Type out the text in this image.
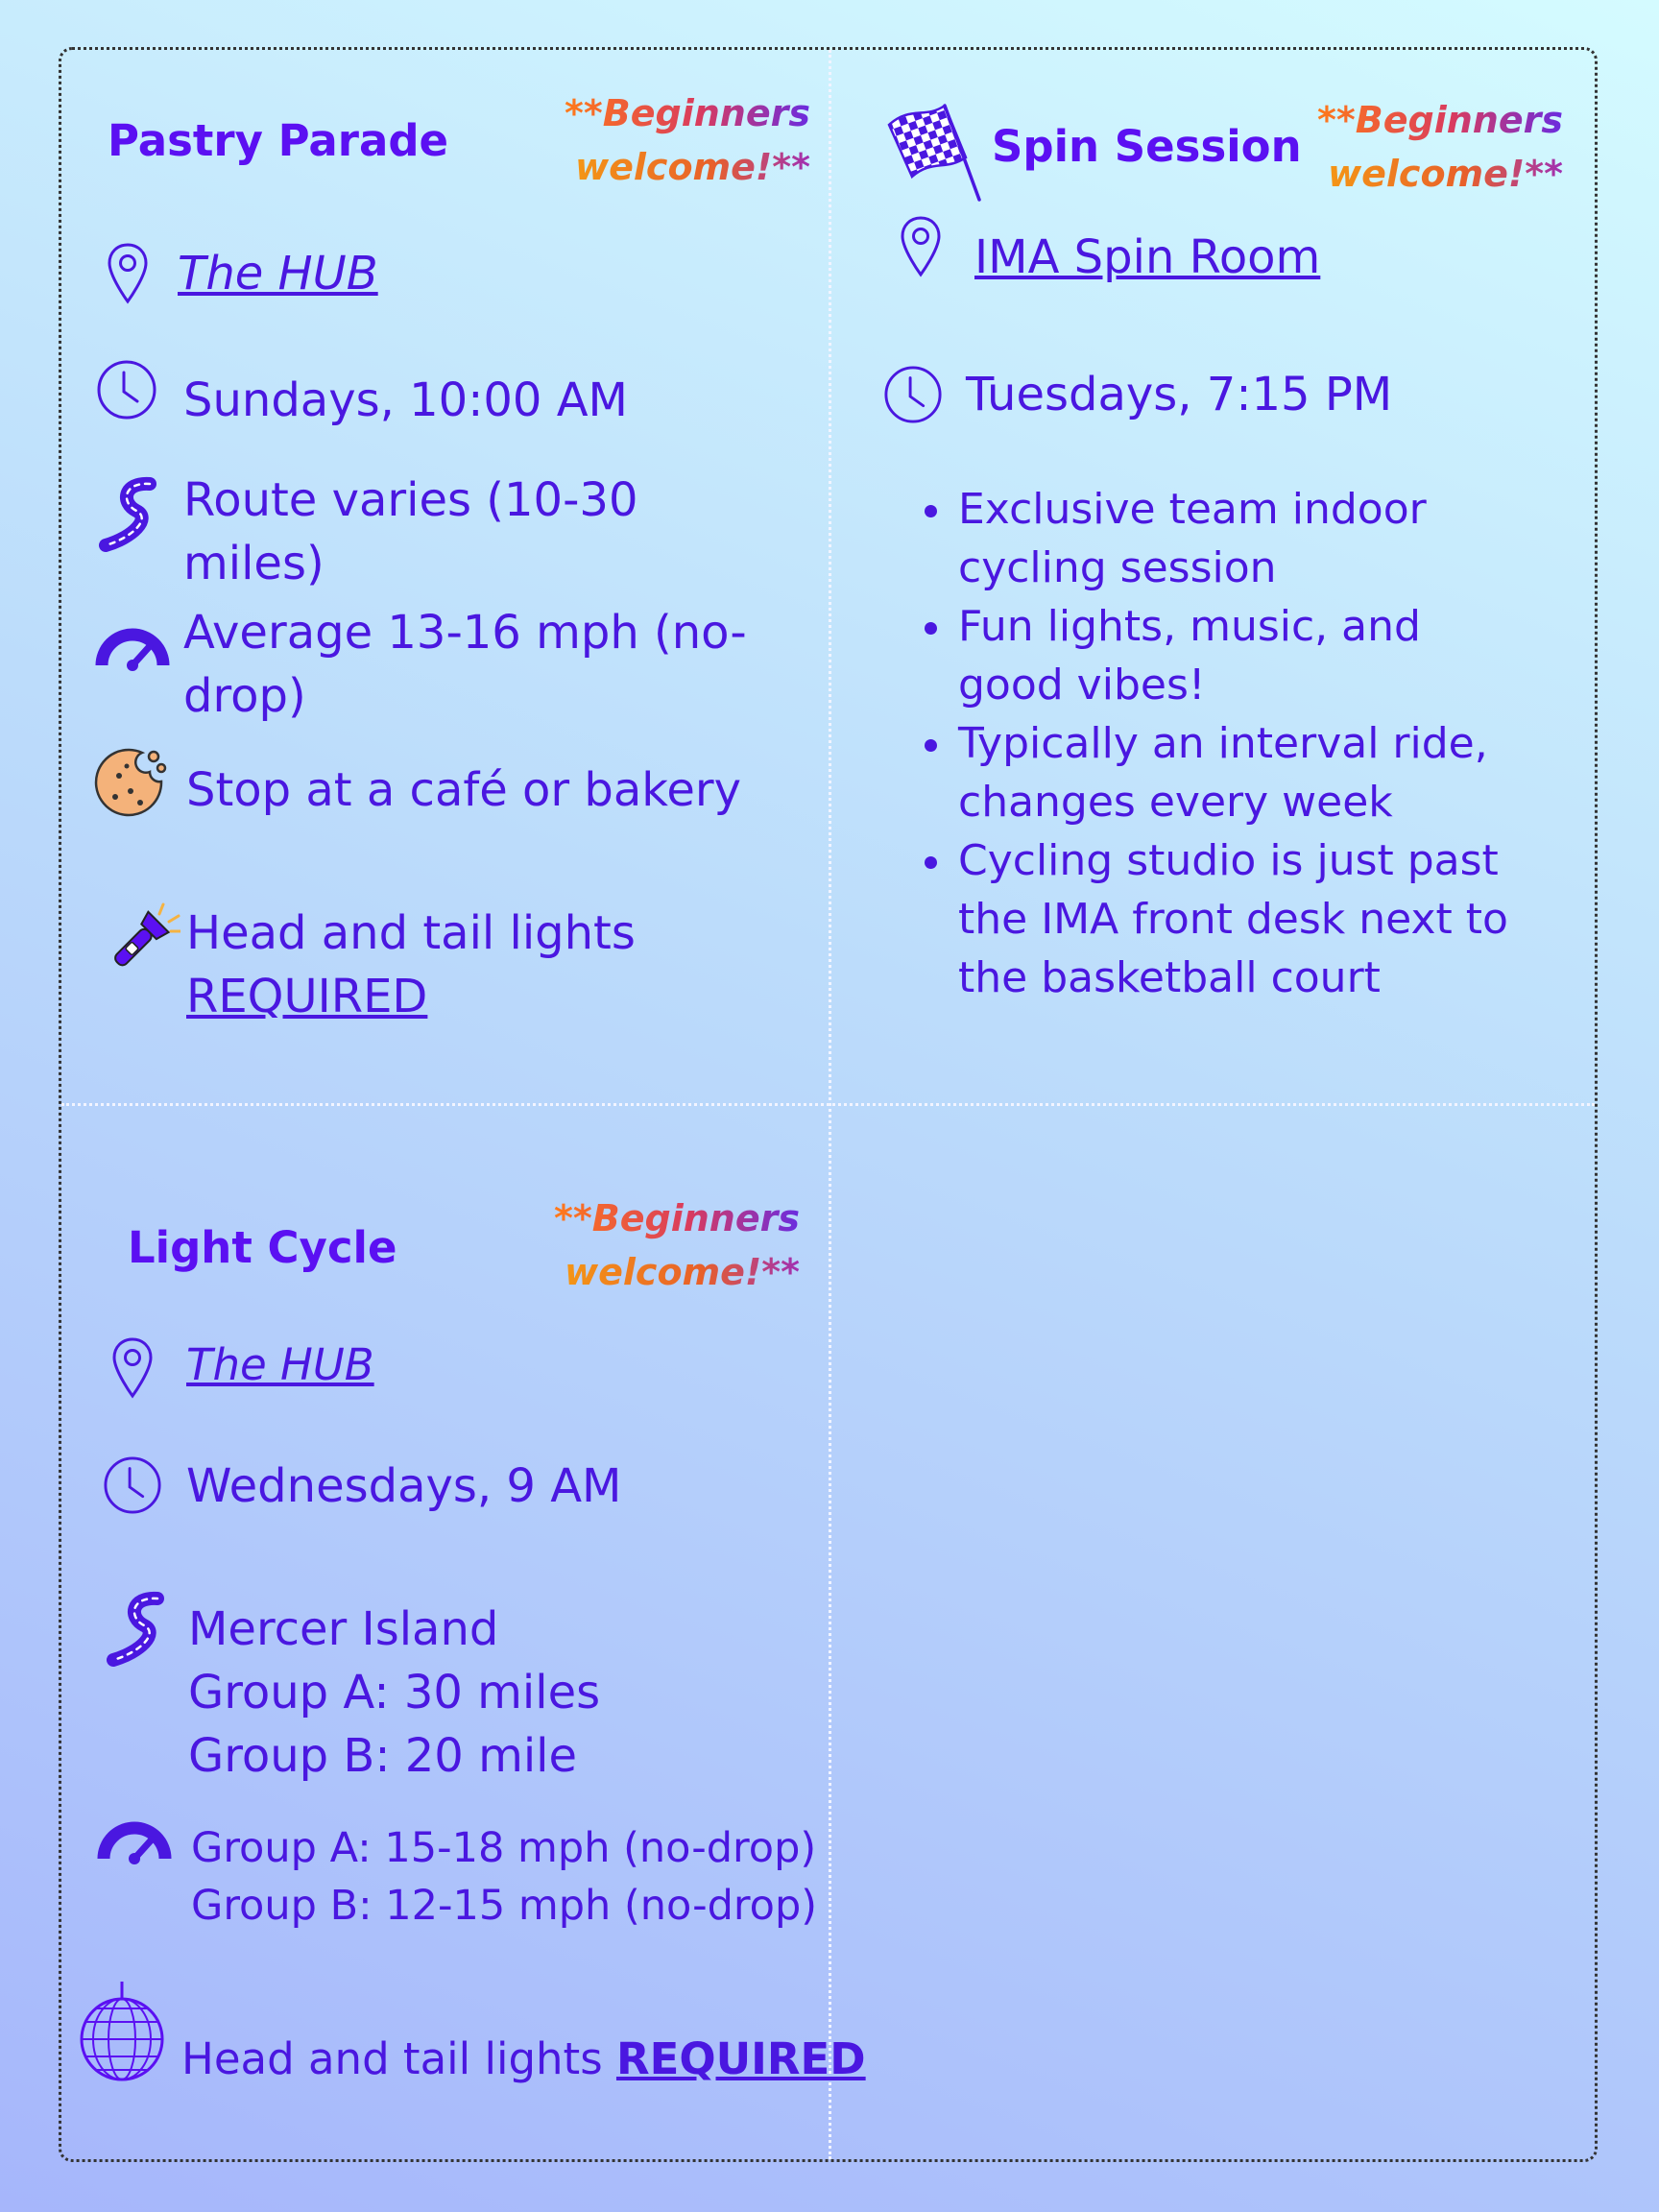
Pastry Parade
**Beginners
welcome!**
The HUB
Sundays, 10:00 AM
Route varies (10-30
miles)
Average 13-16 mph (no-
drop)
Stop at a café or bakery
Head and tail lights
REQUIRED
Spin Session
**Beginners
welcome!**
IMA Spin Room
Tuesdays, 7:15 PM
• Exclusive team indoor
cycling session
• Fun lights, music, and
good vibes!
• Typically an interval ride,
changes every week
• Cycling studio is just past
the IMA front desk next to
the basketball court
Light Cycle
**Beginners
welcome!**
The HUB
Wednesdays, 9 AM
Mercer Island
Group A: 30 miles
Group B: 20 mile
Group A: 15-18 mph (no-drop)
Group B: 12-15 mph (no-drop)
Head and tail lights REQUIRED
